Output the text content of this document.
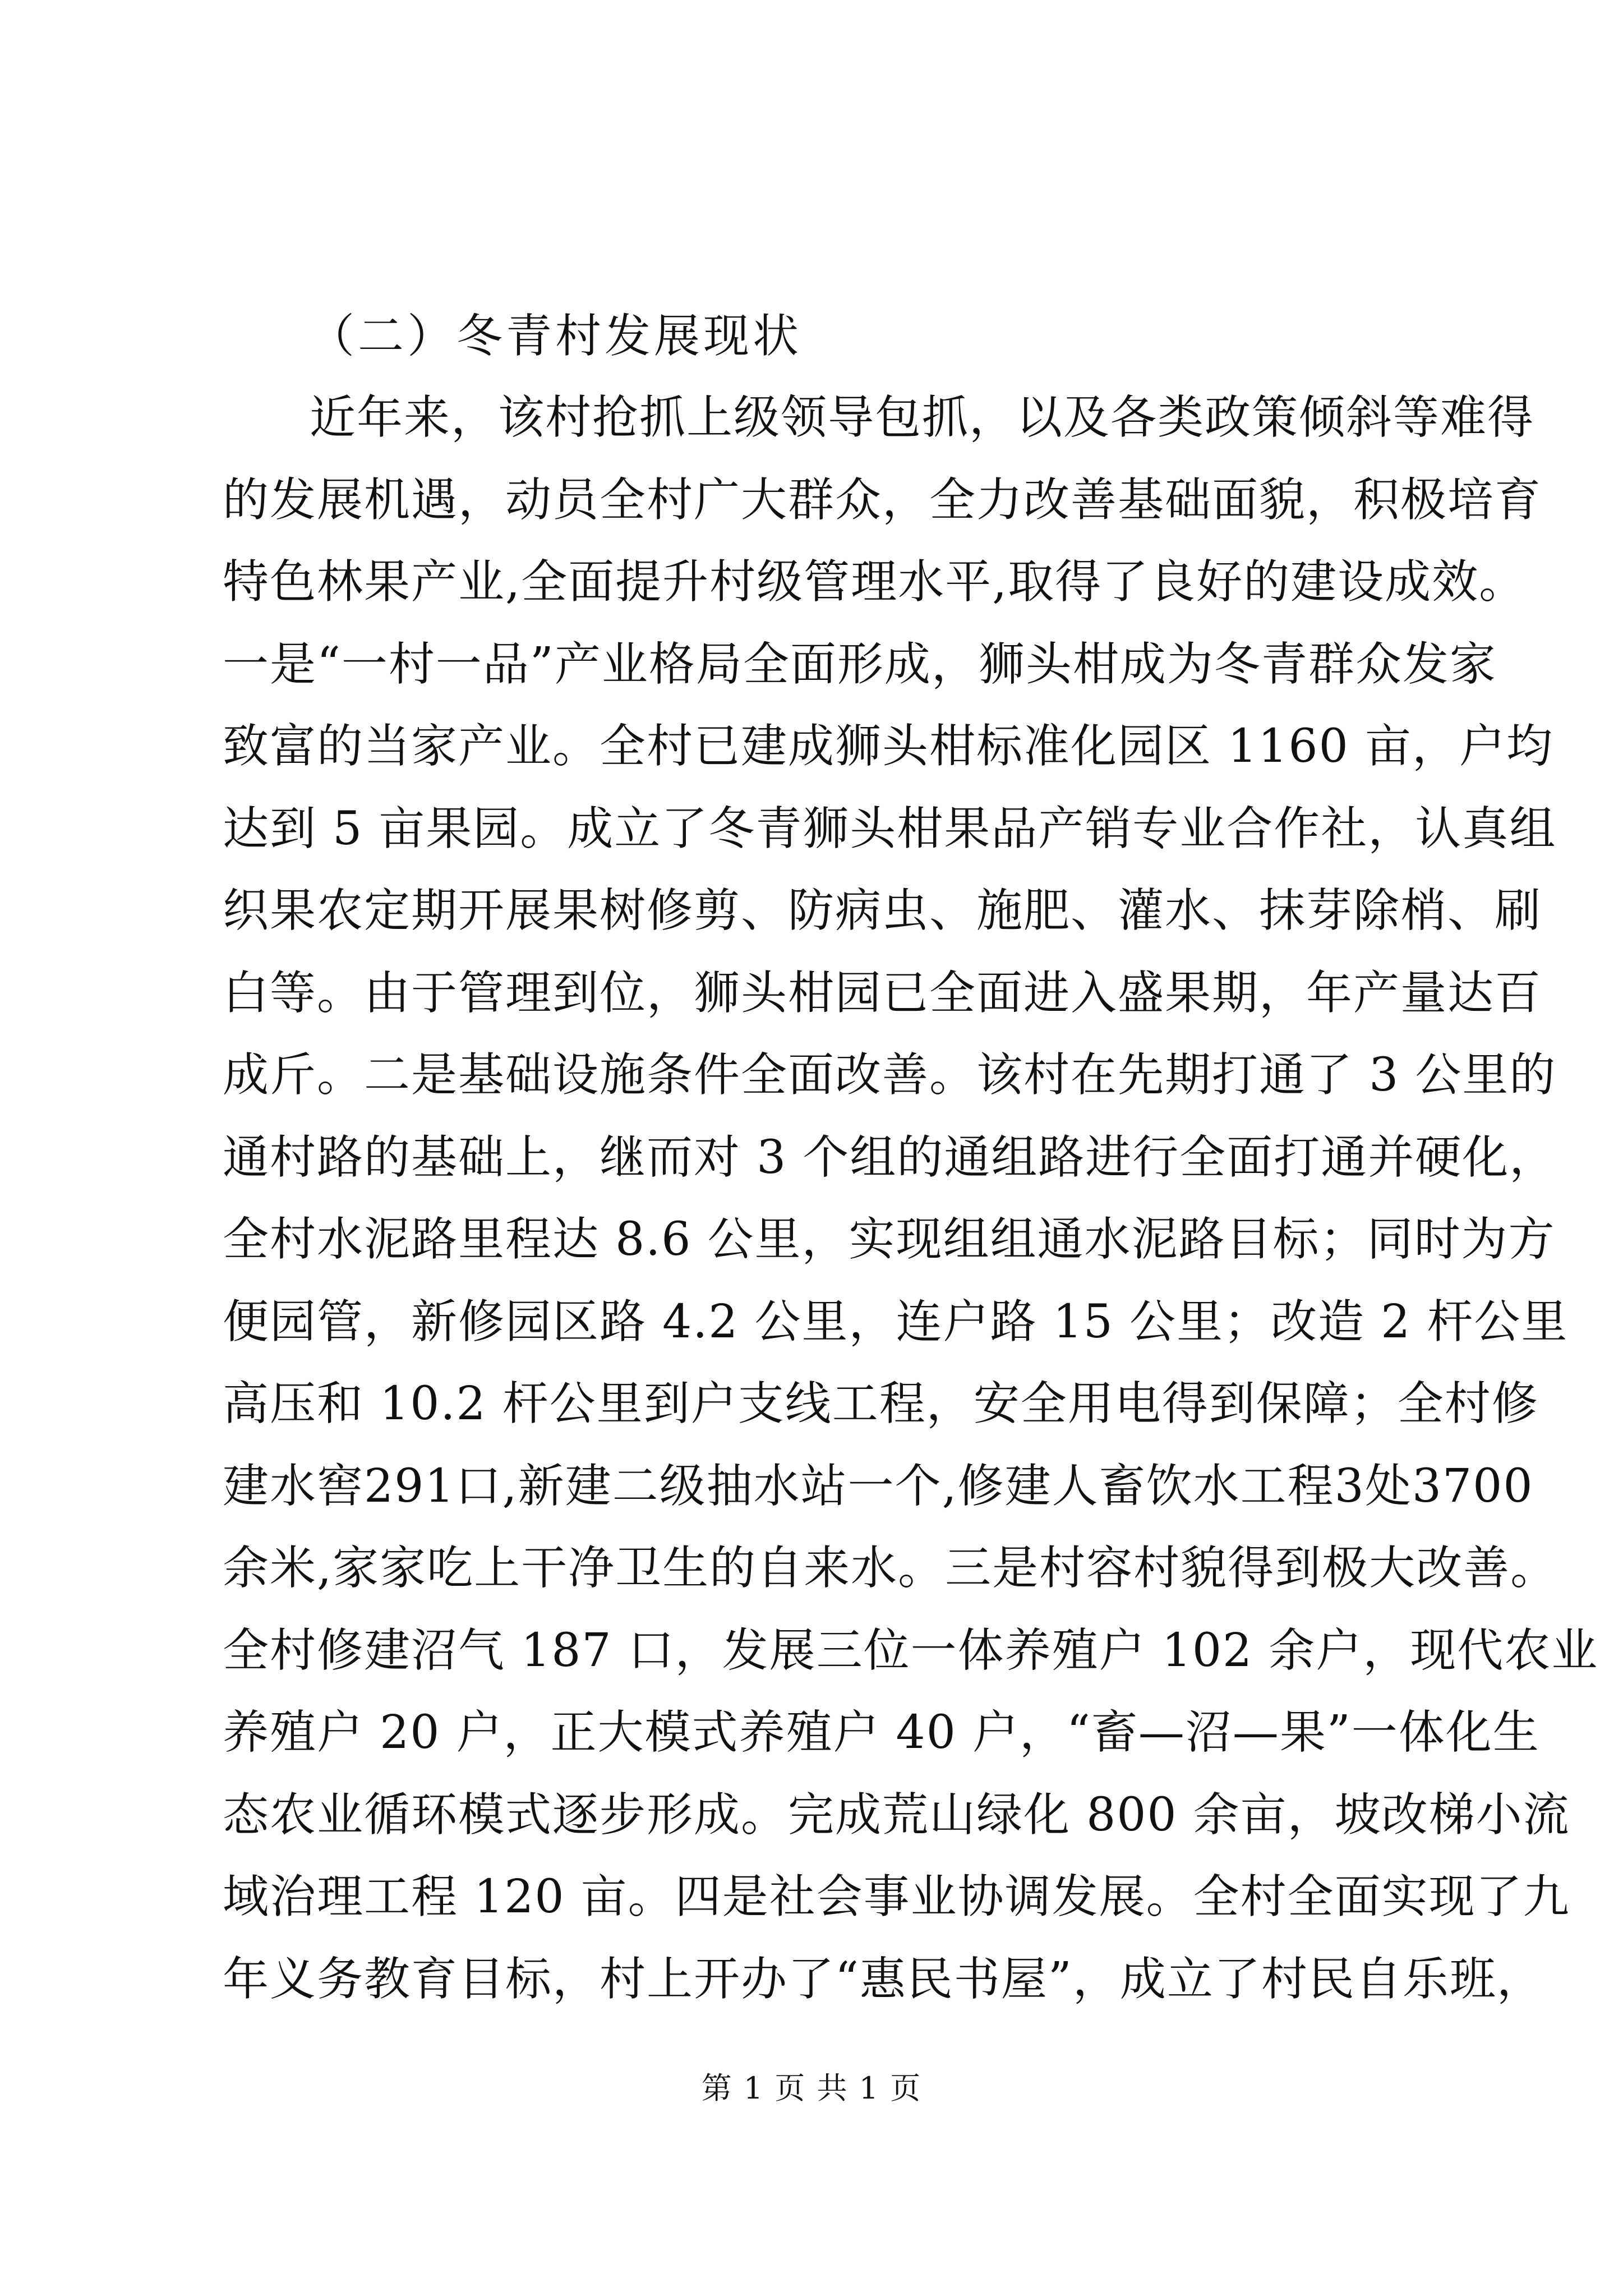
（二）冬青村发展现状
近年来，该村抢抓上级领导包抓，以及各类政策倾斜等难得
的发展机遇，动员全村广大群众，全力改善基础面貌，积极培育
特色林果产业,全面提升村级管理水平,取得了良好的建设成效。
一是“一村一品”产业格局全面形成，狮头柑成为冬青群众发家
致富的当家产业。全村已建成狮头柑标准化园区 1160 亩，户均
达到 5 亩果园。成立了冬青狮头柑果品产销专业合作社，认真组
织果农定期开展果树修剪、防病虫、施肥、灌水、抹芽除梢、刷
白等。由于管理到位，狮头柑园已全面进入盛果期，年产量达百
成斤。二是基础设施条件全面改善。该村在先期打通了 3 公里的
通村路的基础上，继而对 3 个组的通组路进行全面打通并硬化，
全村水泥路里程达 8.6 公里，实现组组通水泥路目标；同时为方
便园管，新修园区路 4.2 公里，连户路 15 公里；改造 2 杆公里
高压和 10.2 杆公里到户支线工程，安全用电得到保障；全村修
建水窖291口,新建二级抽水站一个,修建人畜饮水工程3处3700
余米,家家吃上干净卫生的自来水。三是村容村貌得到极大改善。
全村修建沼气 187 口，发展三位一体养殖户 102 余户，现代农业
养殖户 20 户，正大模式养殖户 40 户，“畜—沼—果”一体化生
态农业循环模式逐步形成。完成荒山绿化 800 余亩，坡改梯小流
域治理工程 120 亩。四是社会事业协调发展。全村全面实现了九
年义务教育目标，村上开办了“惠民书屋”，成立了村民自乐班，
第 1 页 共 1 页
